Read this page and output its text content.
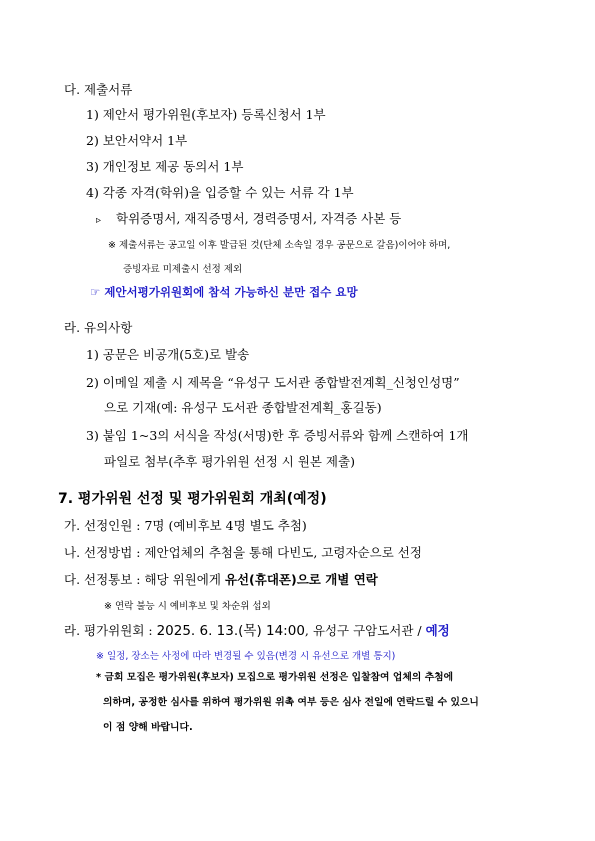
다. 제출서류
1) 제안서 평가위원(후보자) 등록신청서 1부
2) 보안서약서 1부
3) 개인정보 제공 동의서 1부
4) 각종 자격(학위)을 입증할 수 있는 서류 각 1부
▹ 학위증명서, 재직증명서, 경력증명서, 자격증 사본 등
※ 제출서류는 공고일 이후 발급된 것(단체 소속일 경우 공문으로 갈음)이어야 하며,
증빙자료 미제출시 선정 제외
☞ 제안서평가위원회에 참석 가능하신 분만 접수 요망
라. 유의사항
1) 공문은 비공개(5호)로 발송
2) 이메일 제출 시 제목을 “유성구 도서관 종합발전계획_신청인성명”
으로 기재(예: 유성구 도서관 종합발전계획_홍길동)
3) 붙임 1~3의 서식을 작성(서명)한 후 증빙서류와 함께 스캔하여 1개
파일로 첨부(추후 평가위원 선정 시 원본 제출)
7. 평가위원 선정 및 평가위원회 개최(예정)
가. 선정인원 : 7명 (예비후보 4명 별도 추첨)
나. 선정방법 : 제안업체의 추첨을 통해 다빈도, 고령자순으로 선정
다. 선정통보 : 해당 위원에게 유선(휴대폰)으로 개별 연락
※ 연락 불능 시 예비후보 및 차순위 섭외
라. 평가위원회 : 2025. 6. 13.(목) 14:00, 유성구 구암도서관 / 예정
※ 일정, 장소는 사정에 따라 변경될 수 있음(변경 시 유선으로 개별 통지)
* 금회 모집은 평가위원(후보자) 모집으로 평가위원 선정은 입찰참여 업체의 추첨에
의하며, 공정한 심사를 위하여 평가위원 위촉 여부 등은 심사 전일에 연락드릴 수 있으니
이 점 양해 바랍니다.
